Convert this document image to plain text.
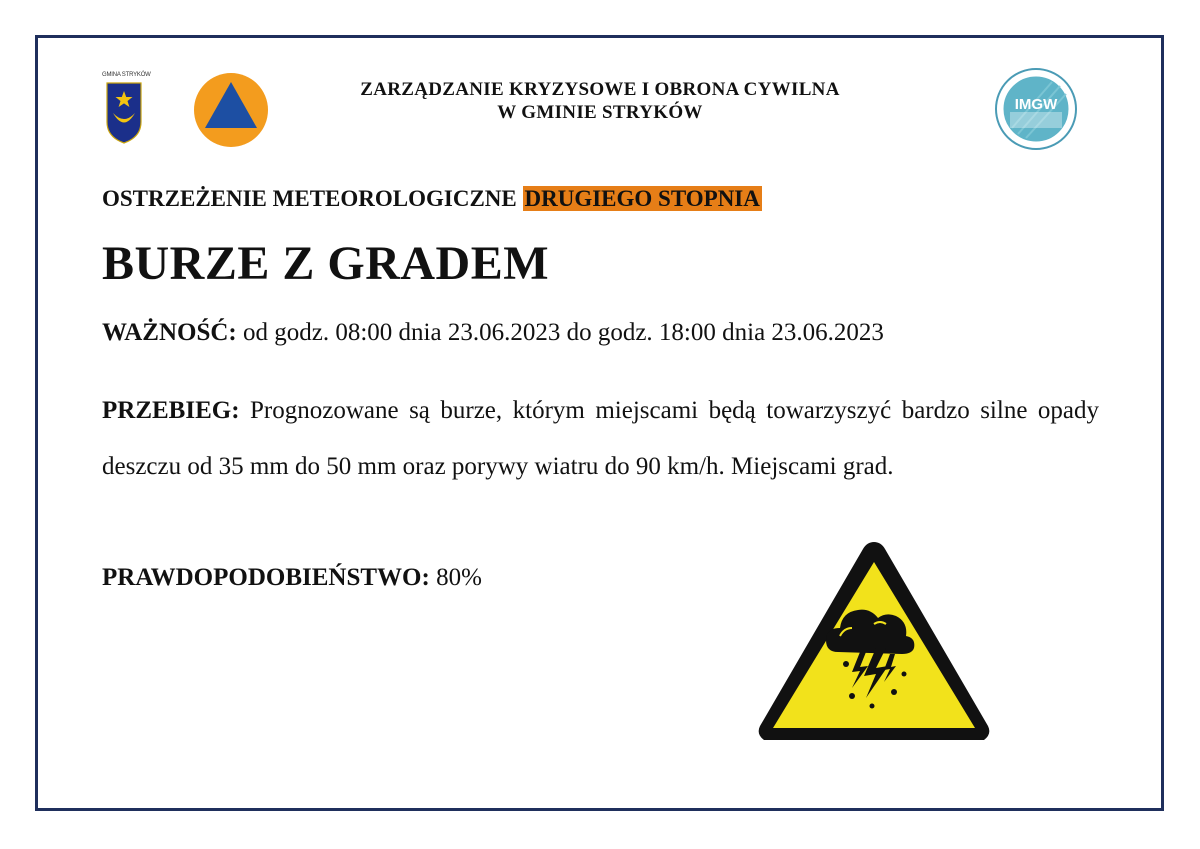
GMINA STRYKÓW
ZARZĄDZANIE KRYZYSOWE I OBRONA CYWILNA
W GMINIE STRYKÓW	IMGW
OSTRZEŻENIE METEOROLOGICZNE DRUGIEGO STOPNIA
BURZE Z GRADEM
WAŻNOŚĆ: od godz. 08:00 dnia 23.06.2023 do godz. 18:00 dnia 23.06.2023
PRZEBIEG: Prognozowane są burze, którym miejscami będą towarzyszyć bardzo silne opady deszczu od 35 mm do 50 mm oraz porywy wiatru do 90 km/h. Miejscami grad.
PRAWDOPODOBIEŃSTWO: 80%
